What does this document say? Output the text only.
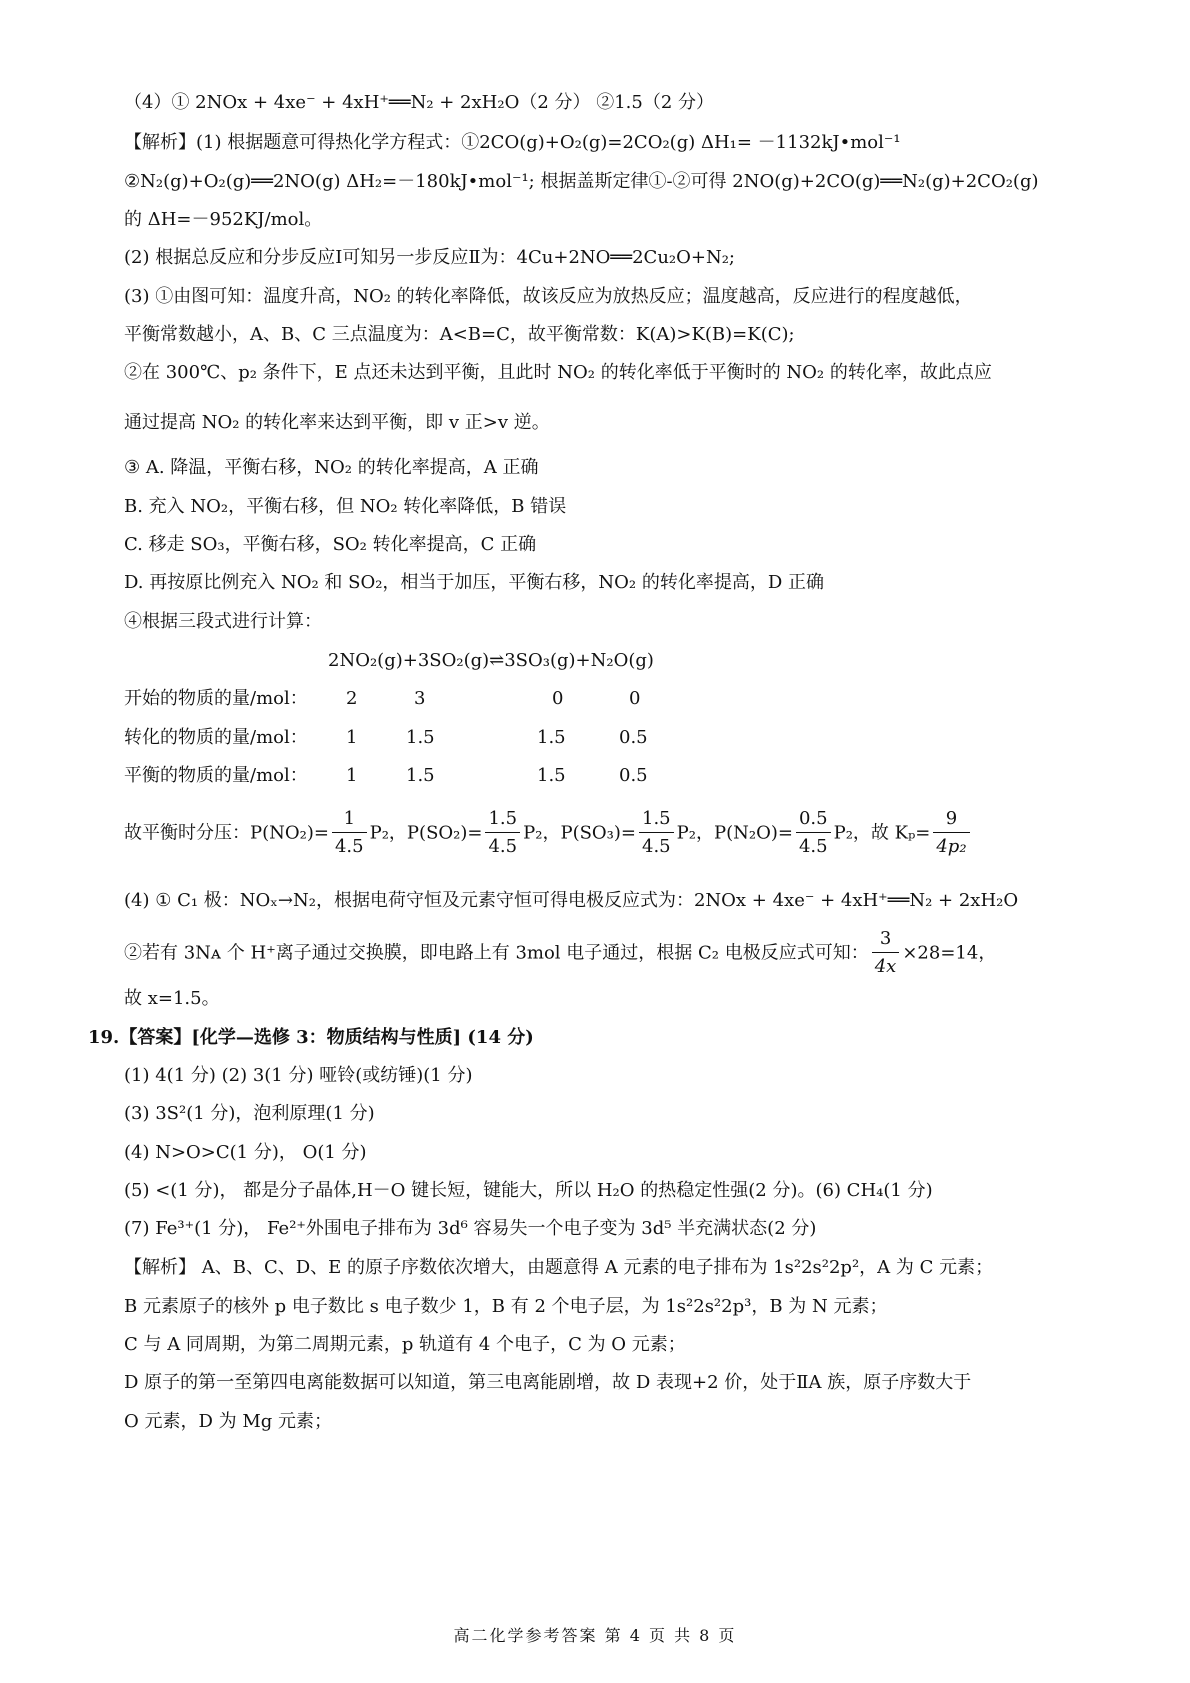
（4）① 2NOx + 4xe⁻ + 4xH⁺══N₂ + 2xH₂O（2 分） ②1.5（2 分）
【解析】(1) 根据题意可得热化学方程式：①2CO(g)+O₂(g)=2CO₂(g) ΔH₁= －1132kJ•mol⁻¹
②N₂(g)+O₂(g)══2NO(g) ΔH₂=－180kJ•mol⁻¹; 根据盖斯定律①-②可得 2NO(g)+2CO(g)══N₂(g)+2CO₂(g)
的 ΔH=－952KJ/mol。
(2) 根据总反应和分步反应Ⅰ可知另一步反应Ⅱ为：4Cu+2NO══2Cu₂O+N₂;
(3) ①由图可知：温度升高，NO₂ 的转化率降低，故该反应为放热反应；温度越高，反应进行的程度越低，
平衡常数越小，A、B、C 三点温度为：A<B=C，故平衡常数：K(A)>K(B)=K(C);
②在 300℃、p₂ 条件下，E 点还未达到平衡，且此时 NO₂ 的转化率低于平衡时的 NO₂ 的转化率，故此点应
通过提高 NO₂ 的转化率来达到平衡，即 v 正>v 逆。
③ A. 降温，平衡右移，NO₂ 的转化率提高，A 正确
B. 充入 NO₂，平衡右移，但 NO₂ 转化率降低，B 错误
C. 移走 SO₃，平衡右移，SO₂ 转化率提高，C 正确
D. 再按原比例充入 NO₂ 和 SO₂，相当于加压，平衡右移，NO₂ 的转化率提高，D 正确
④根据三段式进行计算：
2NO₂(g)+3SO₂(g)⇌3SO₃(g)+N₂O(g)
开始的物质的量/mol： 2	3	0	0
转化的物质的量/mol： 1	1.5	1.5	0.5
平衡的物质的量/mol： 1	1.5	1.5	0.5
故平衡时分压：$P(NO_2)= \frac{1}{4.5} P_2$，$P(SO_2)= \frac{1.5}{4.5} P_2$，$P(SO_3)= \frac{1.5}{4.5} P_2$，$P(N_2O)= \frac{0.5}{4.5} P_2$，故 $K_p= \frac{9}{\text{4p₂}}$
(4) ① C₁ 极：NOₓ→N₂，根据电荷守恒及元素守恒可得电极反应式为：2NOx + 4xe⁻ + 4xH⁺══N₂ + 2xH₂O
②若有 3Nᴀ 个 H⁺离子通过交换膜，即电路上有 3mol 电子通过，根据 C₂ 电极反应式可知： $\frac{3}{4x} \times 28=14$，
故 x=1.5。
19.【答案】[化学—选修 3：物质结构与性质] (14 分)
(1) 4(1 分) (2) 3(1 分) 哑铃(或纺锤)(1 分)
(3) 3S²(1 分)，泡利原理(1 分)
(4) N>O>C(1 分)， O(1 分)
(5) <(1 分)， 都是分子晶体,H－O 键长短，键能大，所以 H₂O 的热稳定性强(2 分)。(6) CH₄(1 分)
(7) Fe³⁺(1 分)， Fe²⁺外围电子排布为 3d⁶ 容易失一个电子变为 3d⁵ 半充满状态(2 分)
【解析】 A、B、C、D、E 的原子序数依次增大，由题意得 A 元素的电子排布为 1s²2s²2p²，A 为 C 元素；
B 元素原子的核外 p 电子数比 s 电子数少 1，B 有 2 个电子层，为 1s²2s²2p³，B 为 N 元素；
C 与 A 同周期，为第二周期元素，p 轨道有 4 个电子，C 为 O 元素；
D 原子的第一至第四电离能数据可以知道，第三电离能剧增，故 D 表现+2 价，处于ⅡA 族，原子序数大于
O 元素，D 为 Mg 元素；
高二化学参考答案 第 4 页 共 8 页
